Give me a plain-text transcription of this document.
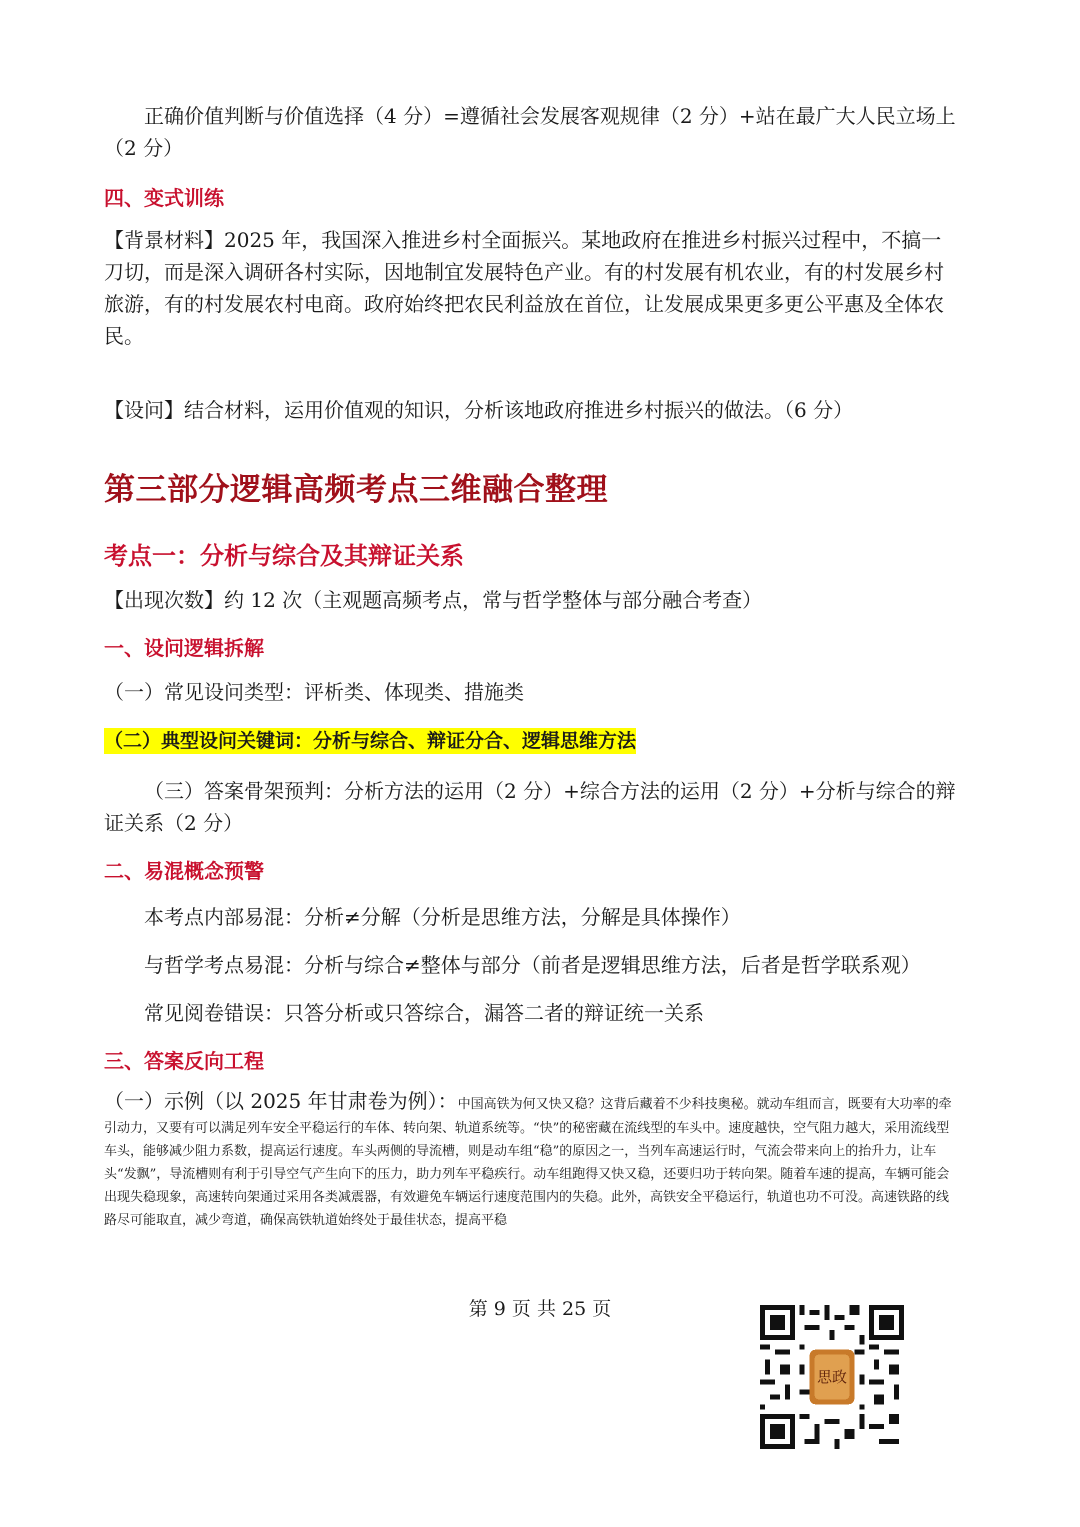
正确价值判断与价值选择（4 分）=遵循社会发展客观规律（2 分）+站在最广大人民立场上（2 分）

四、变式训练

【背景材料】2025 年，我国深入推进乡村全面振兴。某地政府在推进乡村振兴过程中，不搞一刀切，而是深入调研各村实际，因地制宜发展特色产业。有的村发展有机农业，有的村发展乡村旅游，有的村发展农村电商。政府始终把农民利益放在首位，让发展成果更多更公平惠及全体农民。

【设问】结合材料，运用价值观的知识，分析该地政府推进乡村振兴的做法。（6 分）

第三部分逻辑高频考点三维融合整理

考点一：分析与综合及其辩证关系

【出现次数】约 12 次（主观题高频考点，常与哲学整体与部分融合考查）

一、设问逻辑拆解

（一）常见设问类型：评析类、体现类、措施类

（二）典型设问关键词：分析与综合、辩证分合、逻辑思维方法

（三）答案骨架预判：分析方法的运用（2 分）+综合方法的运用（2 分）+分析与综合的辩证关系（2 分）

二、易混概念预警

本考点内部易混：分析≠分解（分析是思维方法，分解是具体操作）

与哲学考点易混：分析与综合≠整体与部分（前者是逻辑思维方法，后者是哲学联系观）

常见阅卷错误：只答分析或只答综合，漏答二者的辩证统一关系

三、答案反向工程

（一）示例（以 2025 年甘肃卷为例）：中国高铁为何又快又稳？这背后藏着不少科技奥秘。就动车组而言，既要有大功率的牵引动力，又要有可以满足列车安全平稳运行的车体、转向架、轨道系统等。“快”的秘密藏在流线型的车头中。速度越快，空气阻力越大，采用流线型车头，能够减少阻力系数，提高运行速度。车头两侧的导流槽，则是动车组“稳”的原因之一，当列车高速运行时，气流会带来向上的抬升力，让车头“发飘”，导流槽则有利于引导空气产生向下的压力，助力列车平稳疾行。动车组跑得又快又稳，还要归功于转向架。随着车速的提高，车辆可能会出现失稳现象，高速转向架通过采用各类减震器，有效避免车辆运行速度范围内的失稳。此外，高铁安全平稳运行，轨道也功不可没。高速铁路的线路尽可能取直，减少弯道，确保高铁轨道始终处于最佳状态，提高平稳

第 9 页 共 25 页
思政
